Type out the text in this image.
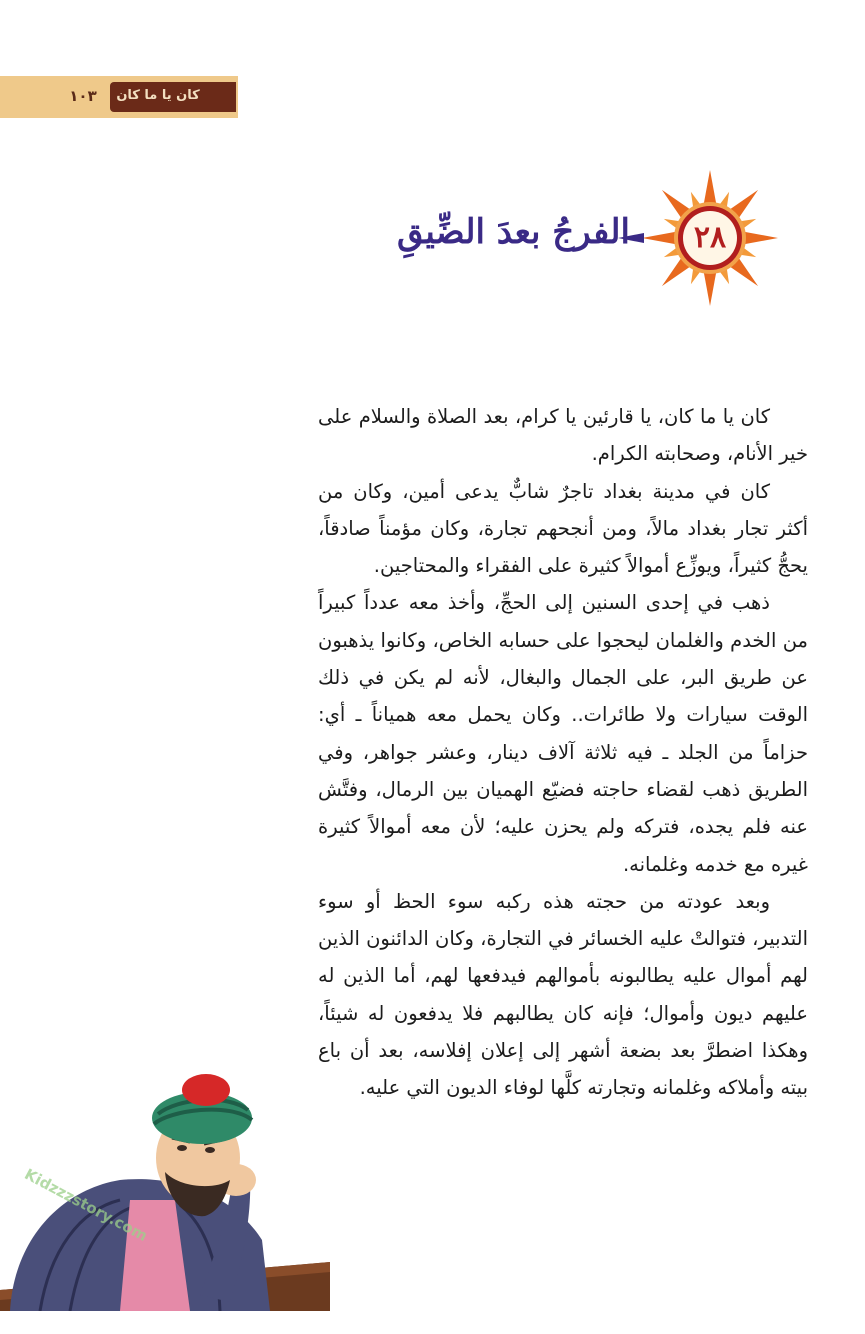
كان يا ما كان
١٠٣
٢٨
الفرجُ بعدَ الضِّيقِ

كان يا ما كان، يا قارئين يا كرام، بعد الصلاة والسلام على خير الأنام، وصحابته الكرام.

كان في مدينة بغداد تاجرٌ شابٌّ يدعى أمين، وكان من أكثر تجار بغداد مالاً، ومن أنجحهم تجارة، وكان مؤمناً صادقاً، يحجُّ كثيراً، ويوزِّع أموالاً كثيرة على الفقراء والمحتاجين.

ذهب في إحدى السنين إلى الحجِّ، وأخذ معه عدداً كبيراً من الخدم والغلمان ليحجوا على حسابه الخاص، وكانوا يذهبون عن طريق البر، على الجمال والبغال، لأنه لم يكن في ذلك الوقت سيارات ولا طائرات.. وكان يحمل معه همياناً ـ أي: حزاماً من الجلد ـ فيه ثلاثة آلاف دينار، وعشر جواهر، وفي الطريق ذهب لقضاء حاجته فضيّع الهميان بين الرمال، وفتَّش عنه فلم يجده، فتركه ولم يحزن عليه؛ لأن معه أموالاً كثيرة غيره مع خدمه وغلمانه.

وبعد عودته من حجته هذه ركبه سوء الحظ أو سوء التدبير، فتوالتْ عليه الخسائر في التجارة، وكان الدائنون الذين لهم أموال عليه يطالبونه بأموالهم فيدفعها لهم، أما الذين له عليهم ديون وأموال؛ فإنه كان يطالبهم فلا يدفعون له شيئاً، وهكذا اضطرَّ بعد بضعة أشهر إلى إعلان إفلاسه، بعد أن باع بيته وأملاكه وغلمانه وتجارته كلَّها لوفاء الديون التي عليه.

Kidzzz​story.com
